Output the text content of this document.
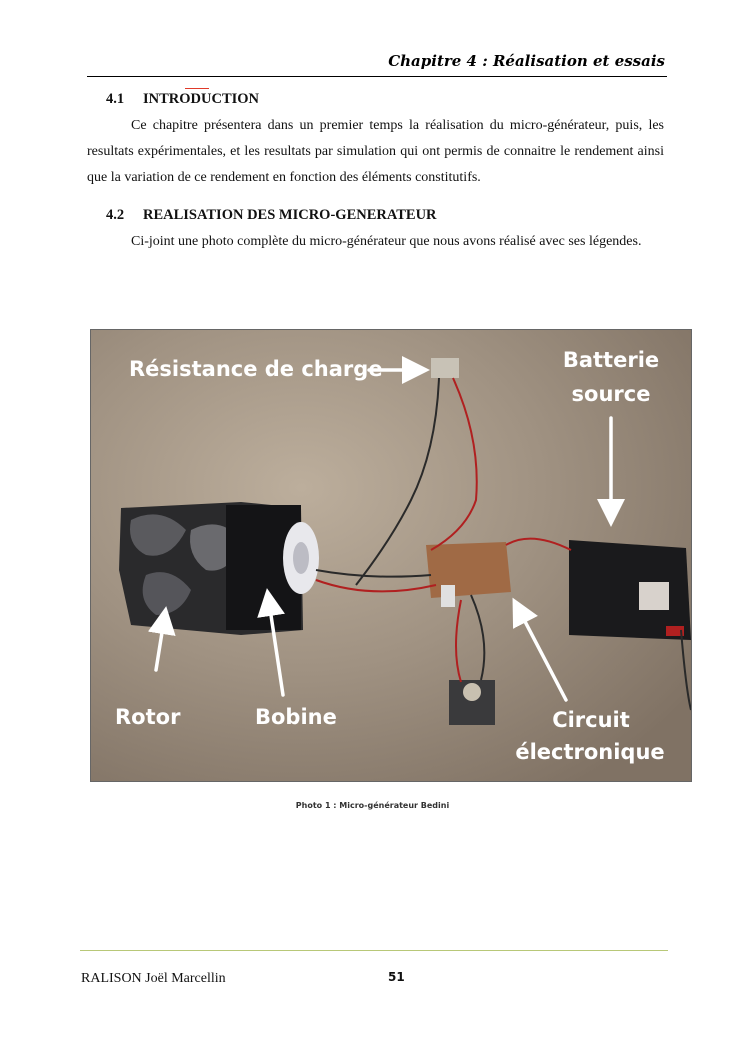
Chapitre 4 : Réalisation et essais
4.1 INTRODUCTION
Ce chapitre présentera dans un premier temps la réalisation du micro-générateur, puis, les resultats expérimentales, et les resultats par simulation qui ont permis de connaitre le rendement ainsi que la variation de ce rendement en fonction des éléments constitutifs.
4.2 REALISATION DES MICRO-GENERATEUR
Ci-joint une photo complète du micro-générateur que nous avons réalisé avec ses légendes.
Résistance de charge	Batterie
source
Rotor	Bobine	Circuit
électronique
Photo 1 : Micro-générateur Bedini
RALISON Joël Marcellin	51
